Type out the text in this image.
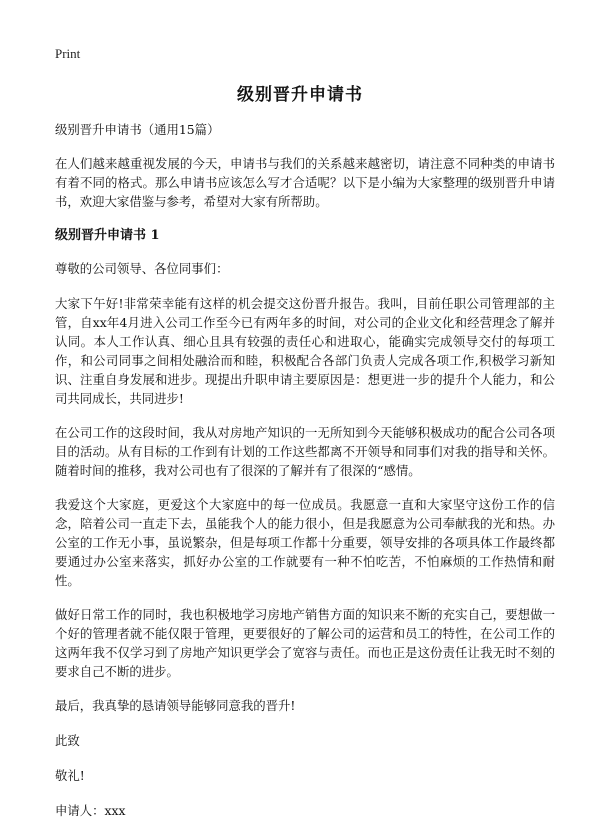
Print
级别晋升申请书

级别晋升申请书（通用15篇）

在人们越来越重视发展的今天，申请书与我们的关系越来越密切，请注意不同种类的申请书有着不同的格式。那么申请书应该怎么写才合适呢？以下是小编为大家整理的级别晋升申请书，欢迎大家借鉴与参考，希望对大家有所帮助。

级别晋升申请书 1

尊敬的公司领导、各位同事们：

大家下午好!非常荣幸能有这样的机会提交这份晋升报告。我叫，目前任职公司管理部的主管，自xx年4月进入公司工作至今已有两年多的时间，对公司的企业文化和经营理念了解并认同。本人工作认真、细心且具有较强的责任心和进取心，能确实完成领导交付的每项工作，和公司同事之间相处融洽而和睦，积极配合各部门负责人完成各项工作,积极学习新知识、注重自身发展和进步。现提出升职申请主要原因是：想更进一步的提升个人能力，和公司共同成长，共同进步!

在公司工作的这段时间，我从对房地产知识的一无所知到今天能够积极成功的配合公司各项目的活动。从有目标的工作到有计划的工作这些都离不开领导和同事们对我的指导和关怀。随着时间的推移，我对公司也有了很深的了解并有了很深的“感情。

我爱这个大家庭，更爱这个大家庭中的每一位成员。我愿意一直和大家坚守这份工作的信念，陪着公司一直走下去，虽能我个人的能力很小，但是我愿意为公司奉献我的光和热。办公室的工作无小事，虽说繁杂，但是每项工作都十分重要，领导安排的各项具体工作最终都要通过办公室来落实，抓好办公室的工作就要有一种不怕吃苦，不怕麻烦的工作热情和耐性。

做好日常工作的同时，我也积极地学习房地产销售方面的知识来不断的充实自己，要想做一个好的管理者就不能仅限于管理，更要很好的了解公司的运营和员工的特性，在公司工作的这两年我不仅学习到了房地产知识更学会了宽容与责任。而也正是这份责任让我无时不刻的要求自己不断的进步。

最后，我真挚的恳请领导能够同意我的晋升!

此致

敬礼!

申请人：xxx
